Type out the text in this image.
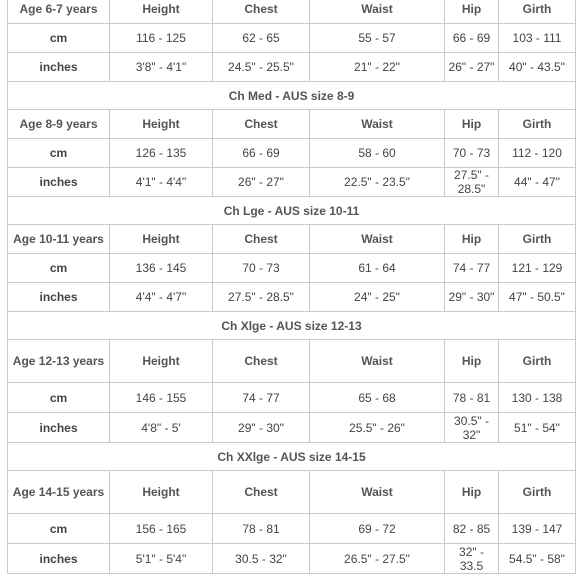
Age 6-7 years	Height	Chest	Waist	Hip	Girth
cm	116 - 125	62 - 65	55 - 57	66 - 69	103 - 111
inches	3'8" - 4'1"	24.5" - 25.5"	21" - 22"	26" - 27"	40" - 43.5"
Ch Med - AUS size 8-9					
Age 8-9 years	Height	Chest	Waist	Hip	Girth
cm	126 - 135	66 - 69	58 - 60	70 - 73	112 - 120
inches	4'1" - 4'4"	26" - 27"	22.5" - 23.5"	27.5" - 28.5"	44" - 47"
Ch Lge - AUS size 10-11					
Age 10-11 years	Height	Chest	Waist	Hip	Girth
cm	136 - 145	70 - 73	61 - 64	74 - 77	121 - 129
inches	4'4" - 4'7"	27.5" - 28.5"	24" - 25"	29" - 30"	47" - 50.5"
Ch Xlge - AUS size 12-13					
Age 12-13 years	Height	Chest	Waist	Hip	Girth
cm	146 - 155	74 - 77	65 - 68	78 - 81	130 - 138
inches	4'8" - 5'	29" - 30"	25.5" - 26"	30.5" - 32"	51" - 54"
Ch XXlge - AUS size 14-15					
Age 14-15 years	Height	Chest	Waist	Hip	Girth
cm	156 - 165	78 - 81	69 - 72	82 - 85	139 - 147
inches	5'1" - 5'4"	30.5 - 32"	26.5" - 27.5"	32" - 33.5	54.5" - 58"
